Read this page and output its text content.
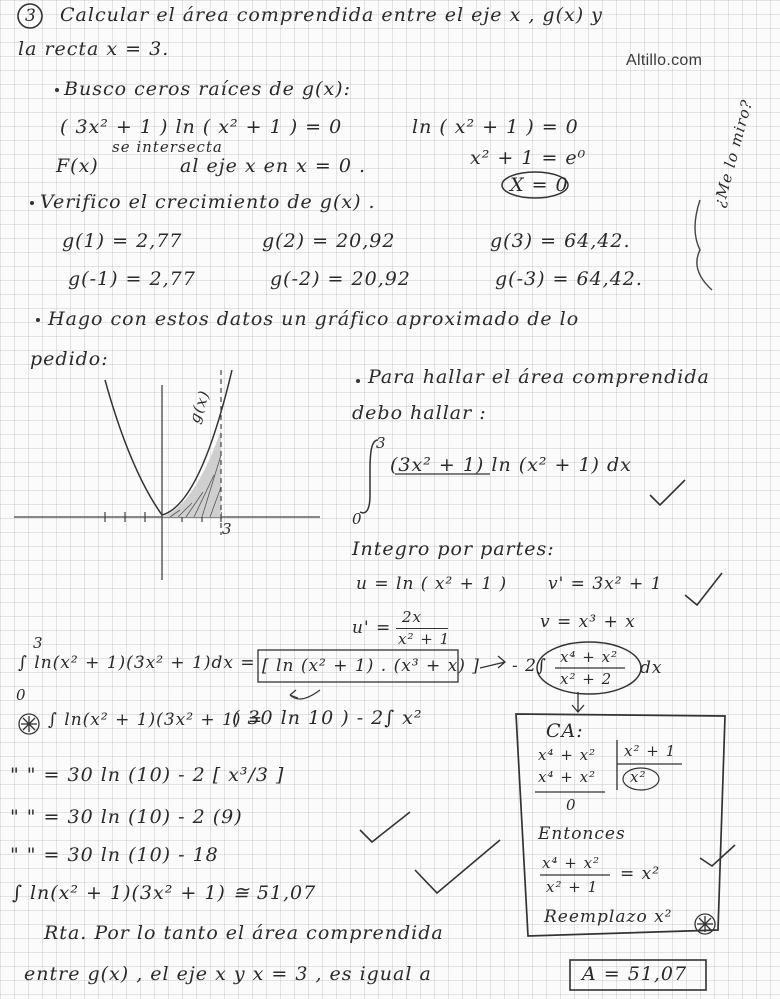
Altillo.com
3 Calcular el área comprendida entre el eje x , g(x) y
la recta x = 3.
Busco ceros raíces de g(x):
( 3x² + 1 ) ln ( x² + 1 ) = 0	ln ( x² + 1 ) = 0
se intersecta
F(x)	al eje x en x = 0 .	x² + 1 = e⁰
X = 0
Verifico el crecimiento de g(x) .
g(1) = 2,77	g(2) = 20,92	g(3) = 64,42.
g(-1) = 2,77	g(-2) = 20,92	g(-3) = 64,42.
¿Me lo miro?
Hago con estos datos un gráfico aproximado de lo
pedido:
g(x)
3
Para hallar el área comprendida
debo hallar :
3
0
(3x² + 1) ln (x² + 1) dx
Integro por partes:
u = ln ( x² + 1 ) v' = 3x² + 1
u' =
2x
x² + 1
v = x³ + x
3
∫ ln(x² + 1)(3x² + 1)dx = [ ln (x² + 1) . (x³ + x) ] - 2∫ x⁴ + x²
x² + 2
dx
0
∫ ln(x² + 1)(3x² + 1) =
( 30 ln 10 ) - 2∫ x²
" " = 30 ln (10) - 2 [ x³/3 ]
" " = 30 ln (10) - 2 (9)
" " = 30 ln (10) - 18
∫ ln(x² + 1)(3x² + 1) ≅ 51,07
CA:
x⁴ + x²
x⁴ + x²
x² + 1
x²
0
Entonces
x⁴ + x²
x² + 1
= x²
Reemplazo x²
Rta. Por lo tanto el área comprendida
entre g(x) , el eje x y x = 3 , es igual a	A = 51,07
